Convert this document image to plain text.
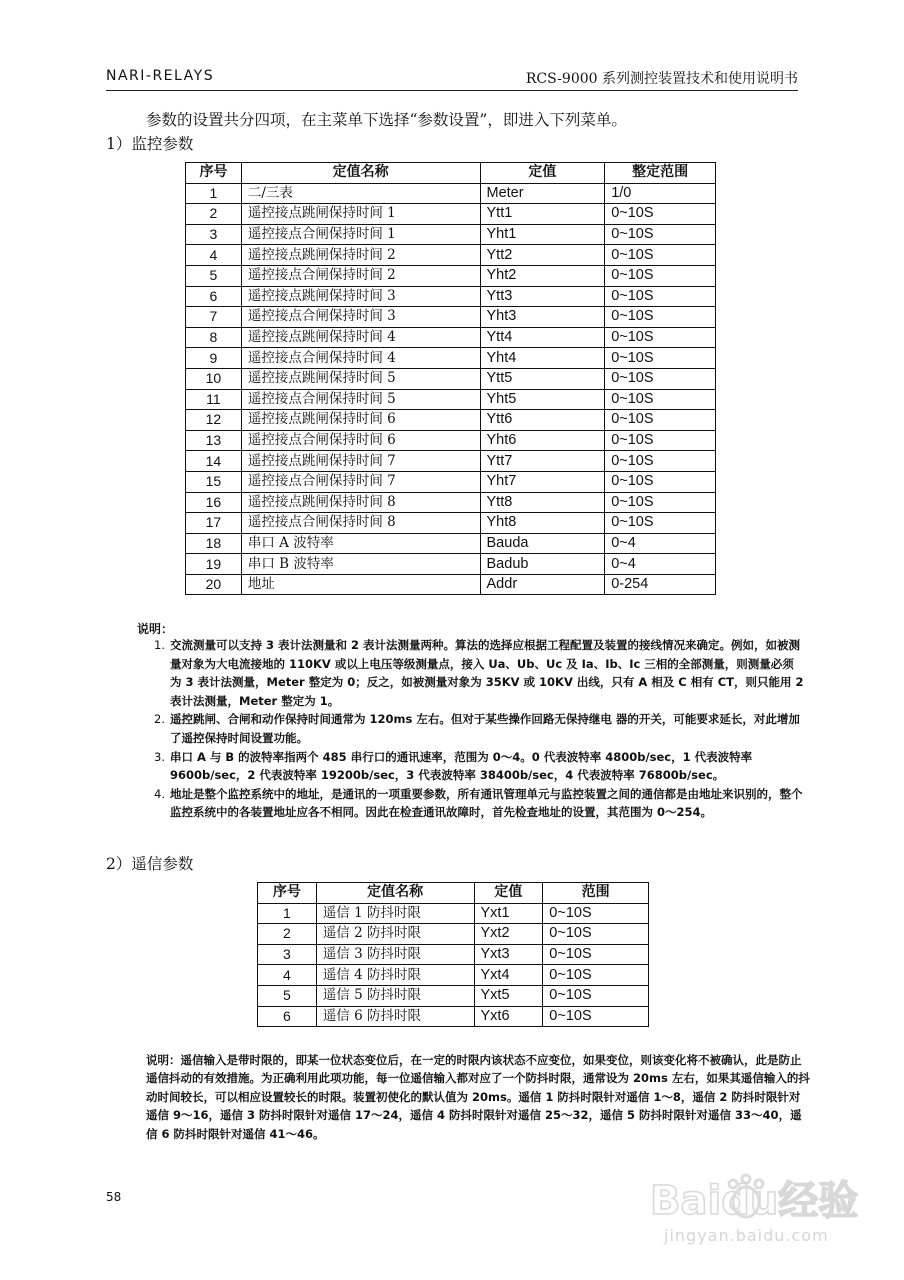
NARI-RELAYS	RCS-9000 系列测控装置技术和使用说明书
参数的设置共分四项，在主菜单下选择“参数设置”，即进入下列菜单。
1）监控参数
序号	定值名称	定值	整定范围
1	二/三表	Meter	1/0
2	遥控接点跳闸保持时间 1	Ytt1	0~10S
3	遥控接点合闸保持时间 1	Yht1	0~10S
4	遥控接点跳闸保持时间 2	Ytt2	0~10S
5	遥控接点合闸保持时间 2	Yht2	0~10S
6	遥控接点跳闸保持时间 3	Ytt3	0~10S
7	遥控接点合闸保持时间 3	Yht3	0~10S
8	遥控接点跳闸保持时间 4	Ytt4	0~10S
9	遥控接点合闸保持时间 4	Yht4	0~10S
10	遥控接点跳闸保持时间 5	Ytt5	0~10S
11	遥控接点合闸保持时间 5	Yht5	0~10S
12	遥控接点跳闸保持时间 6	Ytt6	0~10S
13	遥控接点合闸保持时间 6	Yht6	0~10S
14	遥控接点跳闸保持时间 7	Ytt7	0~10S
15	遥控接点合闸保持时间 7	Yht7	0~10S
16	遥控接点跳闸保持时间 8	Ytt8	0~10S
17	遥控接点合闸保持时间 8	Yht8	0~10S
18	串口 A 波特率	Bauda	0~4
19	串口 B 波特率	Badub	0~4
20	地址	Addr	0-254
说明：
1. 交流测量可以支持 3 表计法测量和 2 表计法测量两种。算法的选择应根据工程配置及装置的接线情况来确定。例如，如被测量对象为大电流接地的 110KV 或以上电压等级测量点，接入 Ua、Ub、Uc 及 Ia、Ib、Ic 三相的全部测量，则测量必须为 3 表计法测量，Meter 整定为 0；反之，如被测量对象为 35KV 或 10KV 出线，只有 A 相及 C 相有 CT，则只能用 2 表计法测量，Meter 整定为 1。
2. 遥控跳闸、合闸和动作保持时间通常为 120ms 左右。但对于某些操作回路无保持继电 器的开关，可能要求延长，对此增加了遥控保持时间设置功能。
3. 串口 A 与 B 的波特率指两个 485 串行口的通讯速率，范围为 0～4。0 代表波特率 4800b/sec，1 代表波特率 9600b/sec，2 代表波特率 19200b/sec，3 代表波特率 38400b/sec，4 代表波特率 76800b/sec。
4. 地址是整个监控系统中的地址，是通讯的一项重要参数，所有通讯管理单元与监控装置之间的通信都是由地址来识别的，整个监控系统中的各装置地址应各不相同。因此在检查通讯故障时，首先检查地址的设置，其范围为 0～254。
2）遥信参数
序号	定值名称	定值	范围
1	遥信 1 防抖时限	Yxt1	0~10S
2	遥信 2 防抖时限	Yxt2	0~10S
3	遥信 3 防抖时限	Yxt3	0~10S
4	遥信 4 防抖时限	Yxt4	0~10S
5	遥信 5 防抖时限	Yxt5	0~10S
6	遥信 6 防抖时限	Yxt6	0~10S
说明：遥信输入是带时限的，即某一位状态变位后，在一定的时限内该状态不应变位，如果变位，则该变化将不被确认，此是防止遥信抖动的有效措施。为正确利用此项功能，每一位遥信输入都对应了一个防抖时限，通常设为 20ms 左右，如果其遥信输入的抖动时间较长，可以相应设置较长的时限。装置初使化的默认值为 20ms。遥信 1 防抖时限针对遥信 1～8，遥信 2 防抖时限针对遥信 9～16，遥信 3 防抖时限针对遥信 17～24，遥信 4 防抖时限针对遥信 25～32，遥信 5 防抖时限针对遥信 33～40，遥信 6 防抖时限针对遥信 41～46。
58	Baidu经验
jingyan.baidu.com
